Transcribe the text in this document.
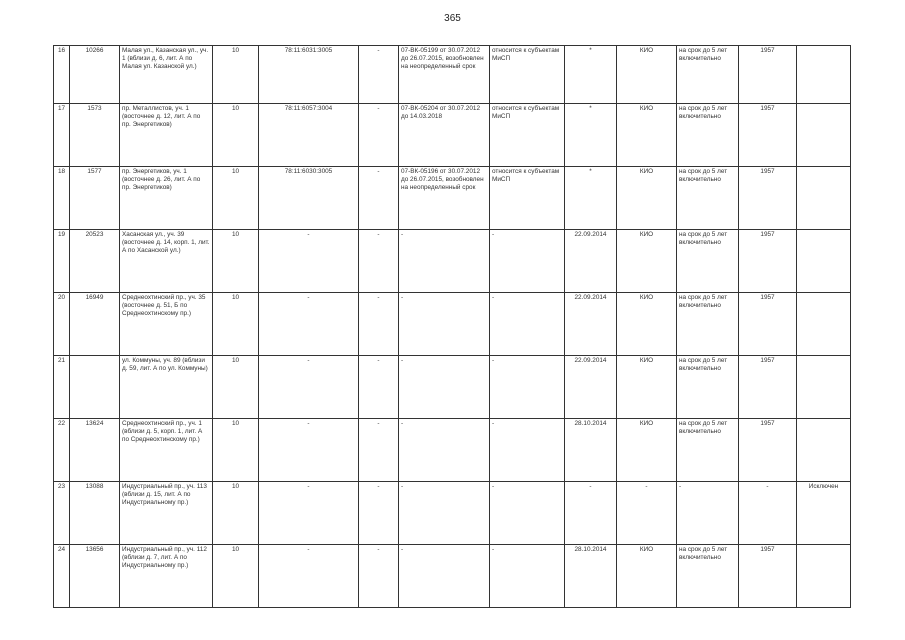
365
16	10266	Малая ул., Казанская ул., уч. 1 (вблизи д. 6, лит. А по Малая ул. Казанской ул.)	10	78:11:6031:3005	-	07-ВК-05199 от 30.07.2012 до 26.07.2015, возобновлен на неопределенный срок	относится к субъектам МиСП	*	КИО	на срок до 5 лет включительно	1957	
17	1573	пр. Металлистов, уч. 1 (восточнее д. 12, лит. А по пр. Энергетиков)	10	78:11:6057:3004	-	07-ВК-05204 от 30.07.2012 до 14.03.2018	относится к субъектам МиСП	*	КИО	на срок до 5 лет включительно	1957	
18	1577	пр. Энергетиков, уч. 1 (восточнее д. 26, лит. А по пр. Энергетиков)	10	78:11:6030:3005	-	07-ВК-05196 от 30.07.2012 до 26.07.2015, возобновлен на неопределенный срок	относится к субъектам МиСП	*	КИО	на срок до 5 лет включительно	1957	
19	20523	Хасанская ул., уч. 39 (восточнее д. 14, корп. 1, лит. А по Хасанской ул.)	10	-	-	-	-	22.09.2014	КИО	на срок до 5 лет включительно	1957	
20	16949	Среднеохтинский пр., уч. 35 (восточнее д. 51, Б по Среднеохтинскому пр.)	10	-	-	-	-	22.09.2014	КИО	на срок до 5 лет включительно	1957	
21		ул. Коммуны, уч. 89 (вблизи д. 59, лит. А по ул. Коммуны)	10	-	-	-	-	22.09.2014	КИО	на срок до 5 лет включительно	1957	
22	13624	Среднеохтинский пр., уч. 1 (вблизи д. 5, корп. 1, лит. А по Среднеохтинскому пр.)	10	-	-	-	-	28.10.2014	КИО	на срок до 5 лет включительно	1957	
23	13088	Индустриальный пр., уч. 113 (вблизи д. 15, лит. А по Индустриальному пр.)	10	-	-	-	-	-	-	-	-	Исключен
24	13656	Индустриальный пр., уч. 112 (вблизи д. 7, лит. А по Индустриальному пр.)	10	-	-	-	-	28.10.2014	КИО	на срок до 5 лет включительно	1957	
